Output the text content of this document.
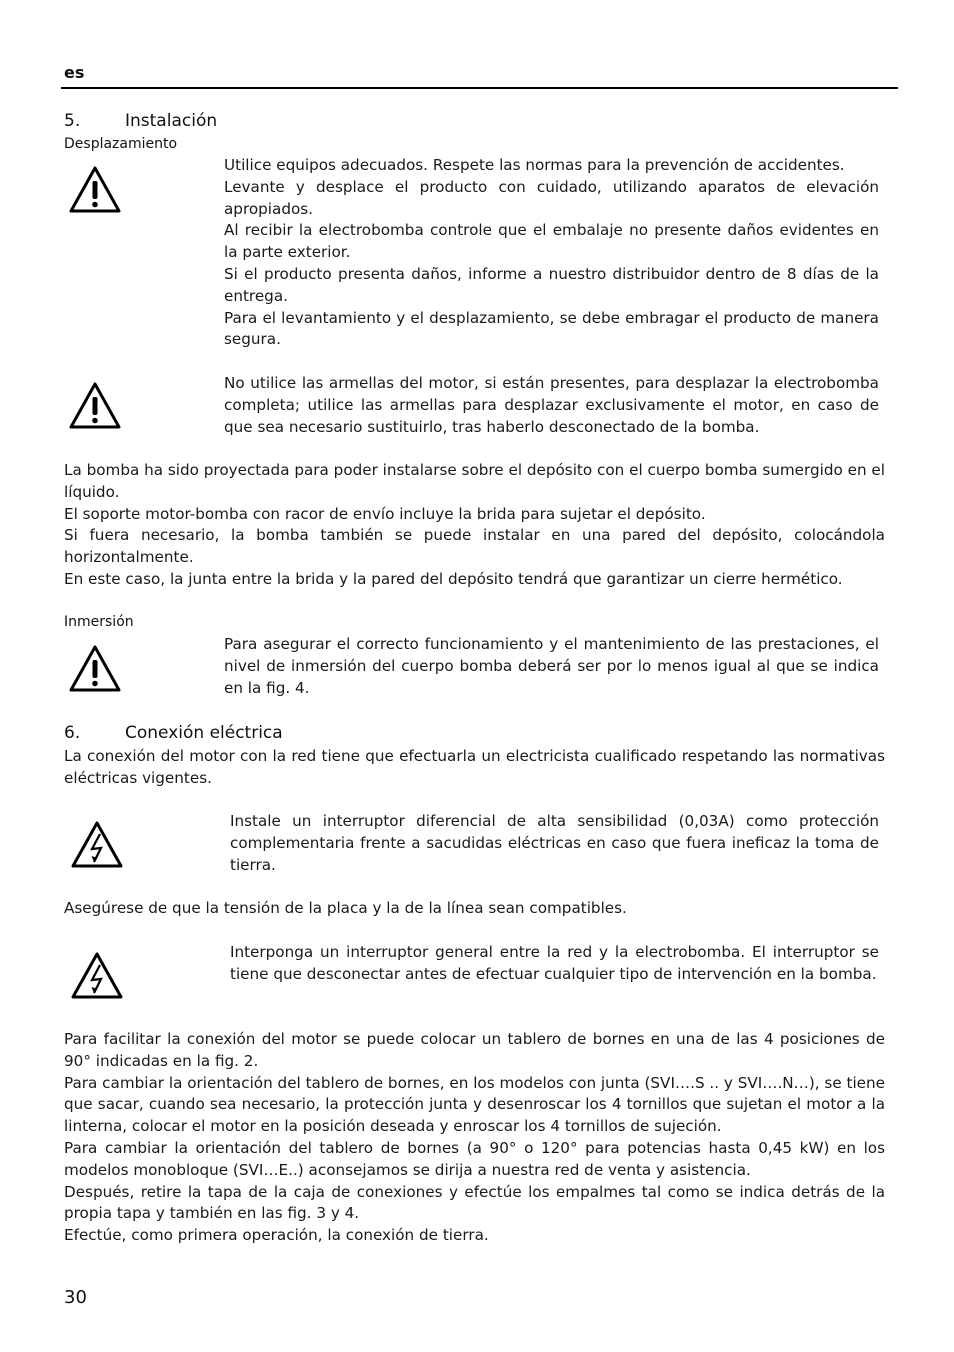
es
5.	Instalación
Desplazamiento

Utilice equipos adecuados. Respete las normas para la prevención de accidentes.

Levante y desplace el producto con cuidado, utilizando aparatos de elevación apropiados.

Al recibir la electrobomba controle que el embalaje no presente daños evidentes en la parte exterior.

Si el producto presenta daños, informe a nuestro distribuidor dentro de 8 días de la entrega.

Para el levantamiento y el desplazamiento, se debe embragar el producto de manera segura.

No utilice las armellas del motor, si están presentes, para desplazar la electrobomba completa; utilice las armellas para desplazar exclusivamente el motor, en caso de que sea necesario sustituirlo, tras haberlo desconectado de la bomba.

La bomba ha sido proyectada para poder instalarse sobre el depósito con el cuerpo bomba sumergido en el líquido.

El soporte motor-bomba con racor de envío incluye la brida para sujetar el depósito.

Si fuera necesario, la bomba también se puede instalar en una pared del depósito, colocándola horizontalmente.

En este caso, la junta entre la brida y la pared del depósito tendrá que garantizar un cierre hermético.

Inmersión

Para asegurar el correcto funcionamiento y el mantenimiento de las prestaciones, el nivel de inmersión del cuerpo bomba deberá ser por lo menos igual al que se indica en la fig. 4.

6.	Conexión eléctrica

La conexión del motor con la red tiene que efectuarla un electricista cualificado respetando las normativas eléctricas vigentes.

Instale un interruptor diferencial de alta sensibilidad (0,03A) como protección complementaria frente a sacudidas eléctricas en caso que fuera ineficaz la toma de tierra.

Asegúrese de que la tensión de la placa y la de la línea sean compatibles.

Interponga un interruptor general entre la red y la electrobomba. El interruptor se tiene que desconectar antes de efectuar cualquier tipo de intervención en la bomba.

Para facilitar la conexión del motor se puede colocar un tablero de bornes en una de las 4 posiciones de 90° indicadas en la fig. 2.

Para cambiar la orientación del tablero de bornes, en los modelos con junta (SVI….S .. y SVI….N…), se tiene que sacar, cuando sea necesario, la protección junta y desenroscar los 4 tornillos que sujetan el motor a la linterna, colocar el motor en la posición deseada y enroscar los 4 tornillos de sujeción.

Para cambiar la orientación del tablero de bornes (a 90° o 120° para potencias hasta 0,45 kW) en los modelos monobloque (SVI…E..) aconsejamos se dirija a nuestra red de venta y asistencia.

Después, retire la tapa de la caja de conexiones y efectúe los empalmes tal como se indica detrás de la propia tapa y también en las fig. 3 y 4.

Efectúe, como primera operación, la conexión de tierra.

30
